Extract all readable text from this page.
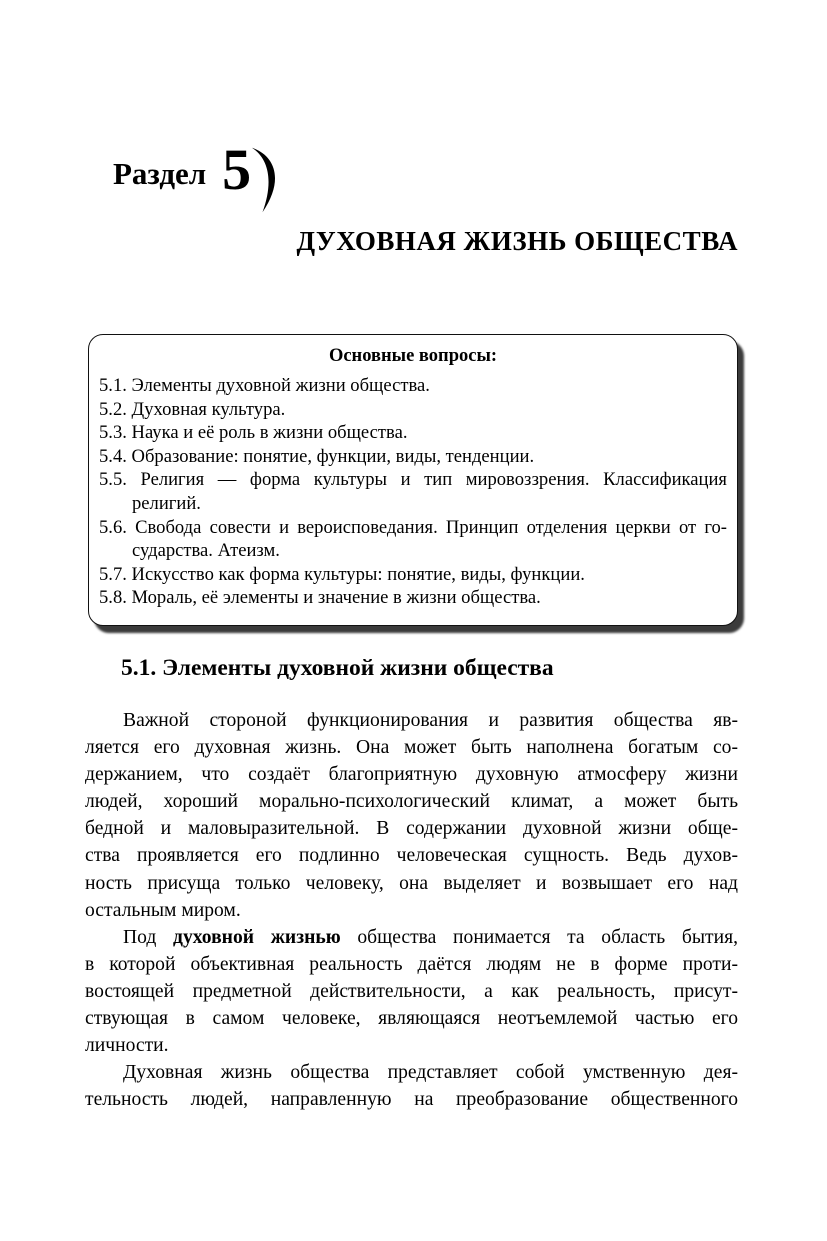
Раздел 5
ДУХОВНАЯ ЖИЗНЬ ОБЩЕСТВА
Основные вопросы:
5.1. Элементы духовной жизни общества.
5.2. Духовная культура.
5.3. Наука и её роль в жизни общества.
5.4. Образование: понятие, функции, виды, тенденции.
5.5. Религия — форма культуры и тип мировоззрения. Классификация
религий.
5.6. Свобода совести и вероисповедания. Принцип отделения церкви от го-
сударства. Атеизм.
5.7. Искусство как форма культуры: понятие, виды, функции.
5.8. Мораль, её элементы и значение в жизни общества.
5.1. Элементы духовной жизни общества
Важной стороной функционирования и развития общества яв-
ляется его духовная жизнь. Она может быть наполнена богатым со-
держанием, что создаёт благоприятную духовную атмосферу жизни
людей, хороший морально-психологический климат, а может быть
бедной и маловыразительной. В содержании духовной жизни обще-
ства проявляется его подлинно человеческая сущность. Ведь духов-
ность присуща только человеку, она выделяет и возвышает его над
остальным миром.
Под духовной жизнью общества понимается та область бытия,
в которой объективная реальность даётся людям не в форме проти-
востоящей предметной действительности, а как реальность, присут-
ствующая в самом человеке, являющаяся неотъемлемой частью его
личности.
Духовная жизнь общества представляет собой умственную дея-
тельность людей, направленную на преобразование общественного
